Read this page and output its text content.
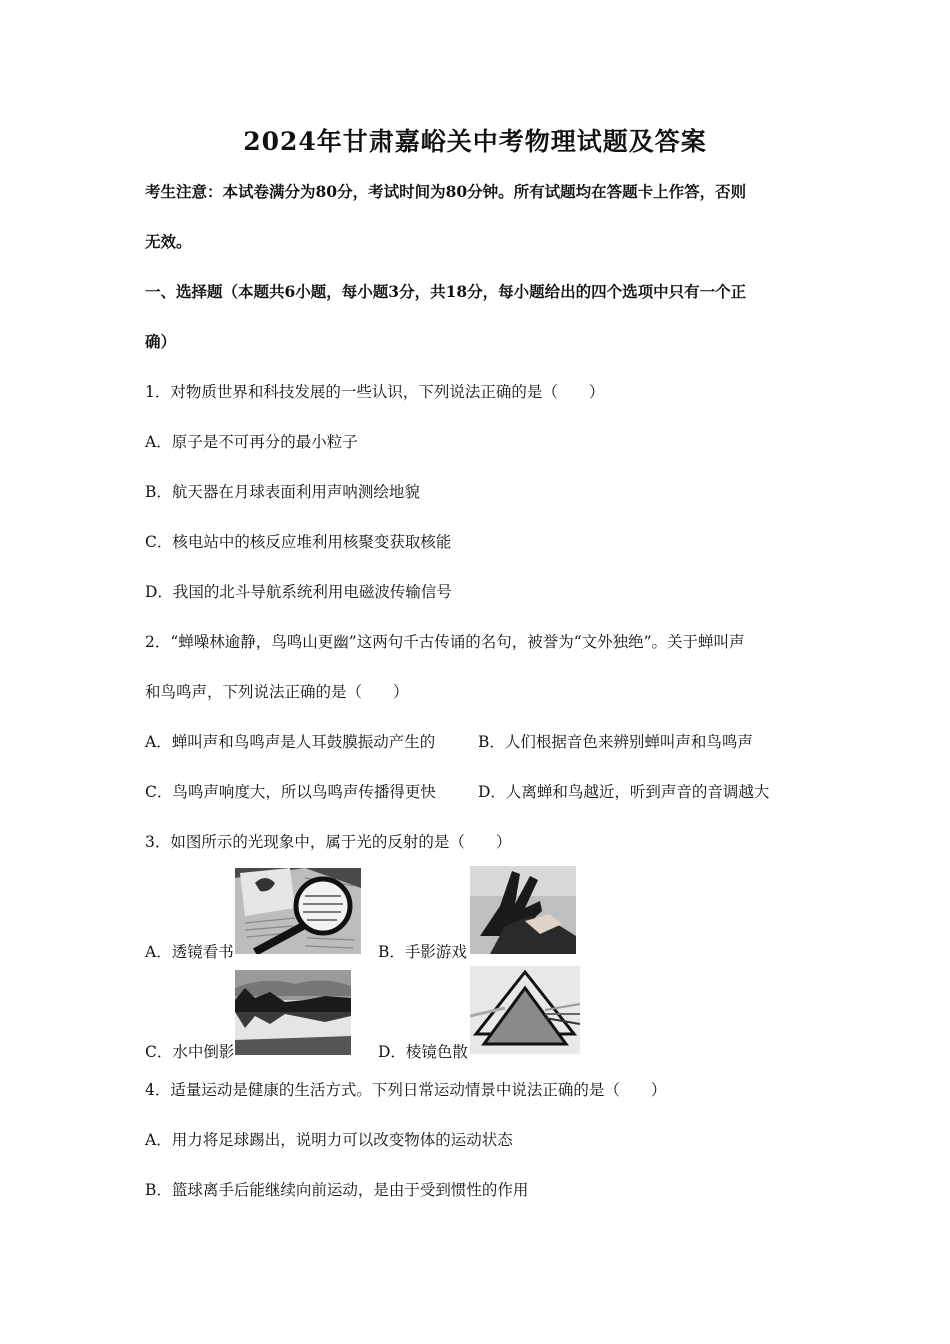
2024年甘肃嘉峪关中考物理试题及答案
考生注意：本试卷满分为80分，考试时间为80分钟。所有试题均在答题卡上作答，否则
无效。
一、选择题（本题共6小题，每小题3分，共18分，每小题给出的四个选项中只有一个正
确）
1．对物质世界和科技发展的一些认识，下列说法正确的是（　　）
A．原子是不可再分的最小粒子
B．航天器在月球表面利用声呐测绘地貌
C．核电站中的核反应堆利用核聚变获取核能
D．我国的北斗导航系统利用电磁波传输信号
2．“蝉噪林逾静，鸟鸣山更幽”这两句千古传诵的名句，被誉为“文外独绝”。关于蝉叫声
和鸟鸣声，下列说法正确的是（　　）
A．蝉叫声和鸟鸣声是人耳鼓膜振动产生的	B．人们根据音色来辨别蝉叫声和鸟鸣声
C．鸟鸣声响度大，所以鸟鸣声传播得更快	D．人离蝉和鸟越近，听到声音的音调越大
3．如图所示的光现象中，属于光的反射的是（　　）
A．透镜看书	B．手影游戏
C．水中倒影	D．棱镜色散
4．适量运动是健康的生活方式。下列日常运动情景中说法正确的是（　　）
A．用力将足球踢出，说明力可以改变物体的运动状态
B．篮球离手后能继续向前运动，是由于受到惯性的作用
